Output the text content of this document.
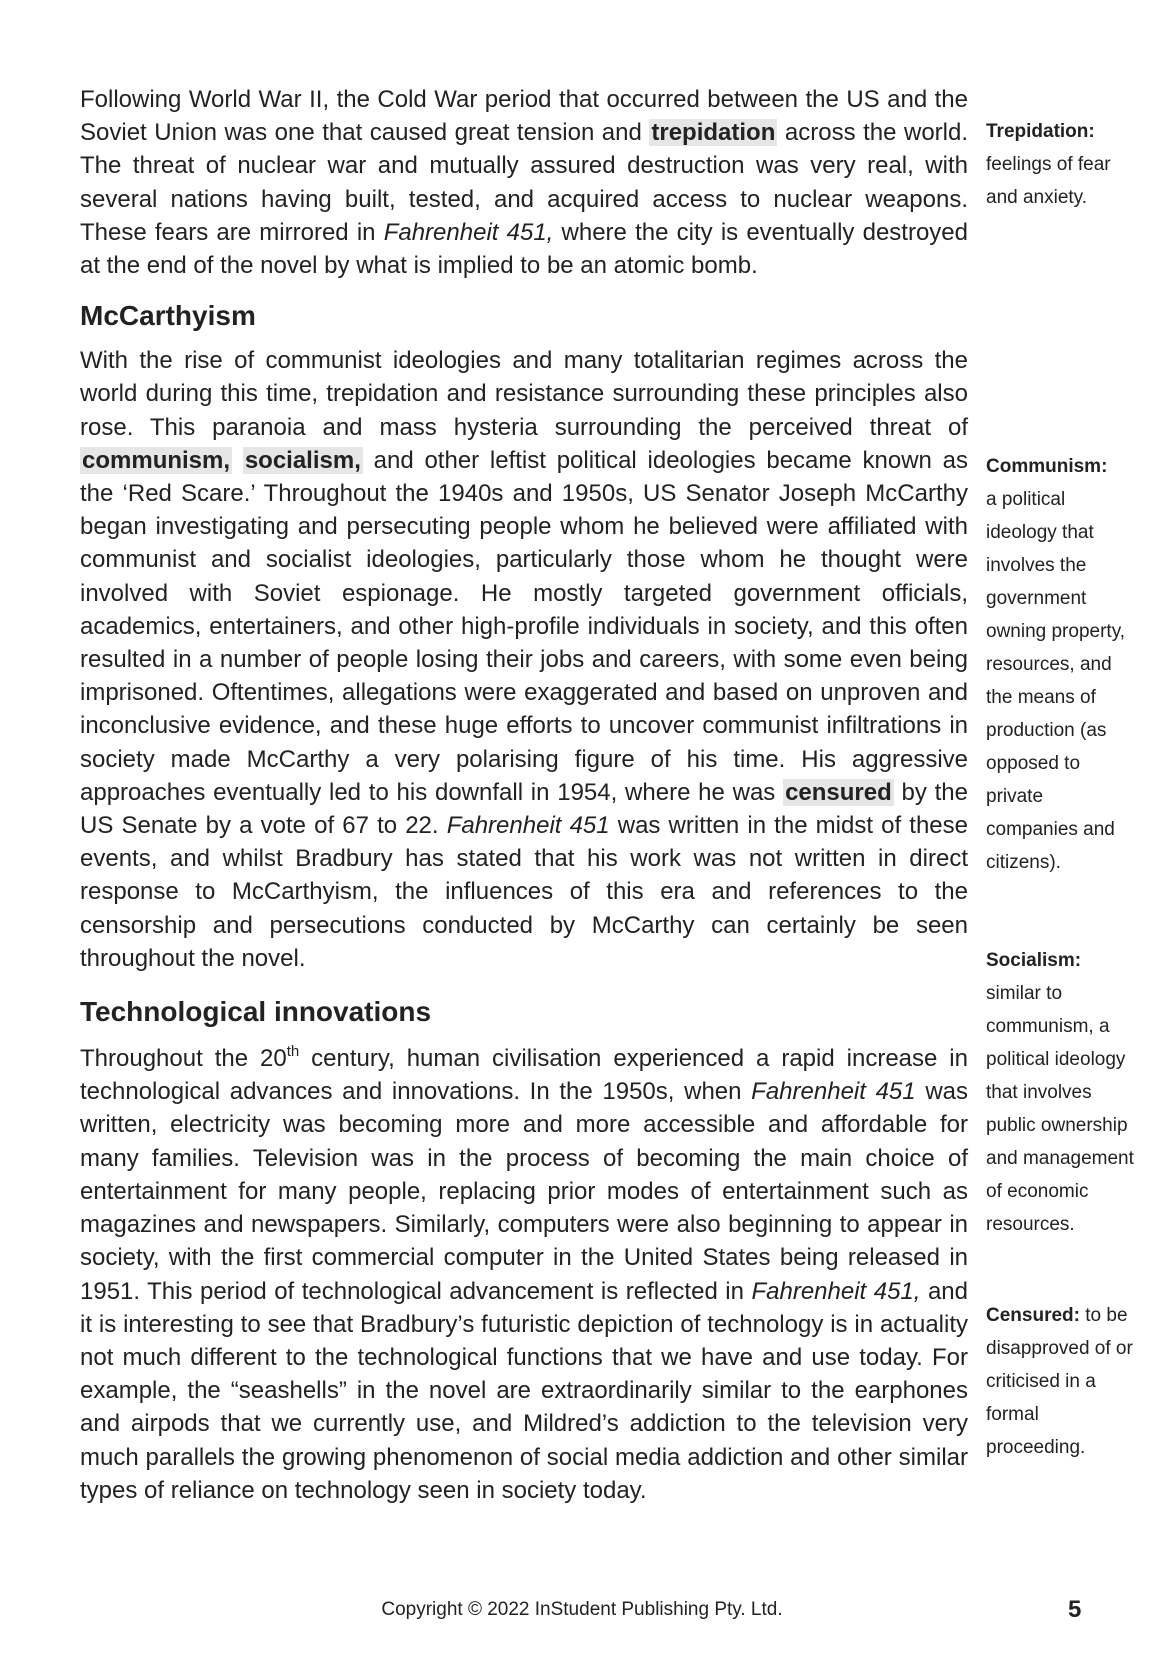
Following World War II, the Cold War period that occurred between the US and the Soviet Union was one that caused great tension and trepidation across the world. The threat of nuclear war and mutually assured destruction was very real, with several nations having built, tested, and acquired access to nuclear weapons. These fears are mirrored in Fahrenheit 451, where the city is eventually destroyed at the end of the novel by what is implied to be an atomic bomb.

McCarthyism

With the rise of communist ideologies and many totalitarian regimes across the world during this time, trepidation and resistance surrounding these principles also rose. This paranoia and mass hysteria surrounding the perceived threat of communism, socialism, and other leftist political ideologies became known as the ‘Red Scare.’ Throughout the 1940s and 1950s, US Senator Joseph McCarthy began investigating and persecuting people whom he believed were affiliated with communist and socialist ideologies, particularly those whom he thought were involved with Soviet espionage. He mostly targeted government officials, academics, entertainers, and other high-profile individuals in society, and this often resulted in a number of people losing their jobs and careers, with some even being imprisoned. Oftentimes, allegations were exaggerated and based on unproven and inconclusive evidence, and these huge efforts to uncover communist infiltrations in society made McCarthy a very polarising figure of his time. His aggressive approaches eventually led to his downfall in 1954, where he was censured by the US Senate by a vote of 67 to 22. Fahrenheit 451 was written in the midst of these events, and whilst Bradbury has stated that his work was not written in direct response to McCarthyism, the influences of this era and references to the censorship and persecutions conducted by McCarthy can certainly be seen throughout the novel.

Technological innovations

Throughout the 20th century, human civilisation experienced a rapid increase in technological advances and innovations. In the 1950s, when Fahrenheit 451 was written, electricity was becoming more and more accessible and affordable for many families. Television was in the process of becoming the main choice of entertainment for many people, replacing prior modes of entertainment such as magazines and newspapers. Similarly, computers were also beginning to appear in society, with the first commercial computer in the United States being released in 1951. This period of technological advancement is reflected in Fahrenheit 451, and it is interesting to see that Bradbury’s futuristic depiction of technology is in actuality not much different to the technological functions that we have and use today. For example, the “seashells” in the novel are extraordinarily similar to the earphones and airpods that we currently use, and Mildred’s addiction to the television very much parallels the growing phenomenon of social media addiction and other similar types of reliance on technology seen in society today.

Trepidation:
feelings of fear and anxiety.
Communism:
a political ideology that involves the government owning property, resources, and the means of production (as opposed to private companies and citizens).
Socialism:
similar to communism, a political ideology that involves public ownership and management of economic resources.
Censured: to be disapproved of or criticised in a formal proceeding.
Copyright © 2022 InStudent Publishing Pty. Ltd.	5
